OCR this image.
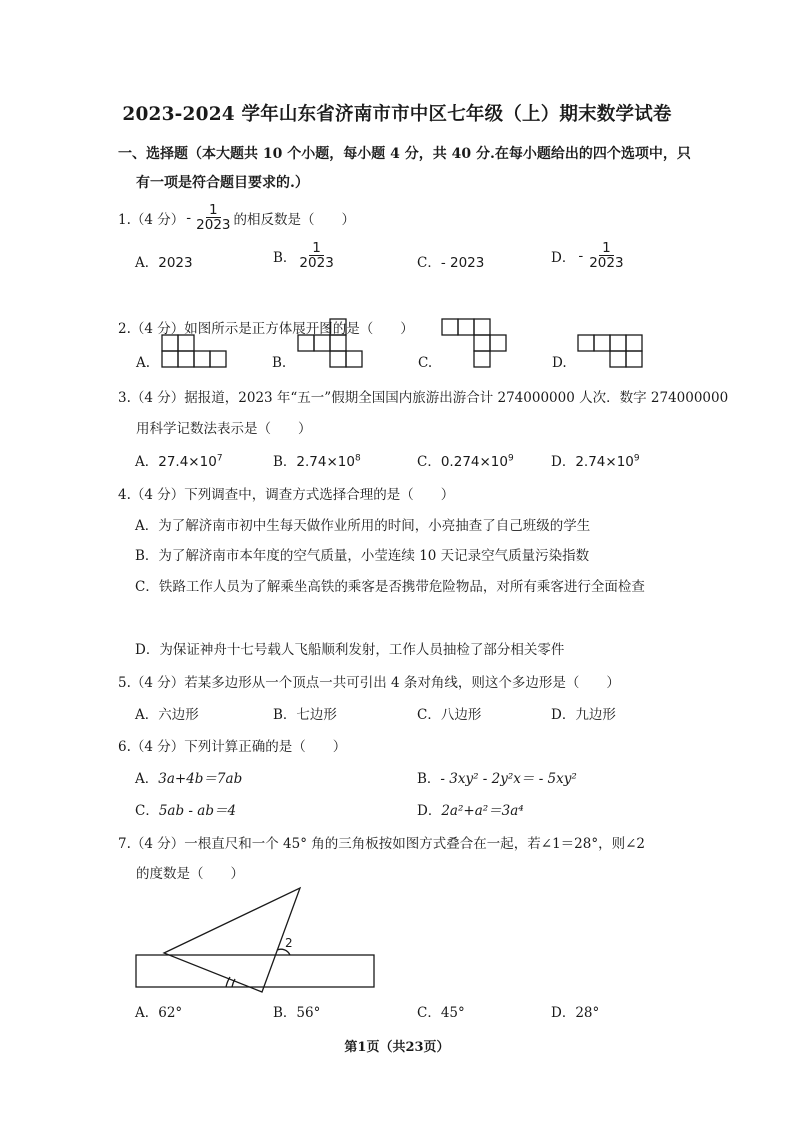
2023-2024 学年山东省济南市市中区七年级（上）期末数学试卷
一、选择题（本大题共 10 个小题，每小题 4 分，共 40 分.在每小题给出的四个选项中，只
有一项是符合题目要求的.）
1.（4 分） - $\frac{1}{2023}$ 的相反数是（　　）
A．2023	B． $\frac{1}{2023}$	C．- 2023	D． - $\frac{1}{2023}$
2.（4 分）如图所示是正方体展开图的是（　　）
A.	B.	C.	D.
3.（4 分）据报道，2023 年“五一”假期全国国内旅游出游合计 274000000 人次．数字 274000000
用科学记数法表示是（　　）
A．$27.4\times 10^7$	B．$2.74\times 10^8$	C．$0.274\times 10^9$	D．$2.74\times 10^9$
4.（4 分）下列调查中，调查方式选择合理的是（　　）
A．为了解济南市初中生每天做作业所用的时间，小亮抽查了自己班级的学生
B．为了解济南市本年度的空气质量，小莹连续 10 天记录空气质量污染指数
C．铁路工作人员为了解乘坐高铁的乘客是否携带危险物品，对所有乘客进行全面检查
D．为保证神舟十七号载人飞船顺利发射，工作人员抽检了部分相关零件
5.（4 分）若某多边形从一个顶点一共可引出 4 条对角线，则这个多边形是（　　）
A．六边形	B．七边形	C．八边形	D．九边形
6.（4 分）下列计算正确的是（　　）
A．3a+4b＝7ab	B．- 3xy² - 2y²x＝ - 5xy²
C．5ab - ab＝4	D．2a²+a²＝3a⁴
7.（4 分）一根直尺和一个 45° 角的三角板按如图方式叠合在一起，若∠1＝28°，则∠2
的度数是（　　）
2
A．62°	B．56°	C．45°	D．28°
第1页（共23页）
